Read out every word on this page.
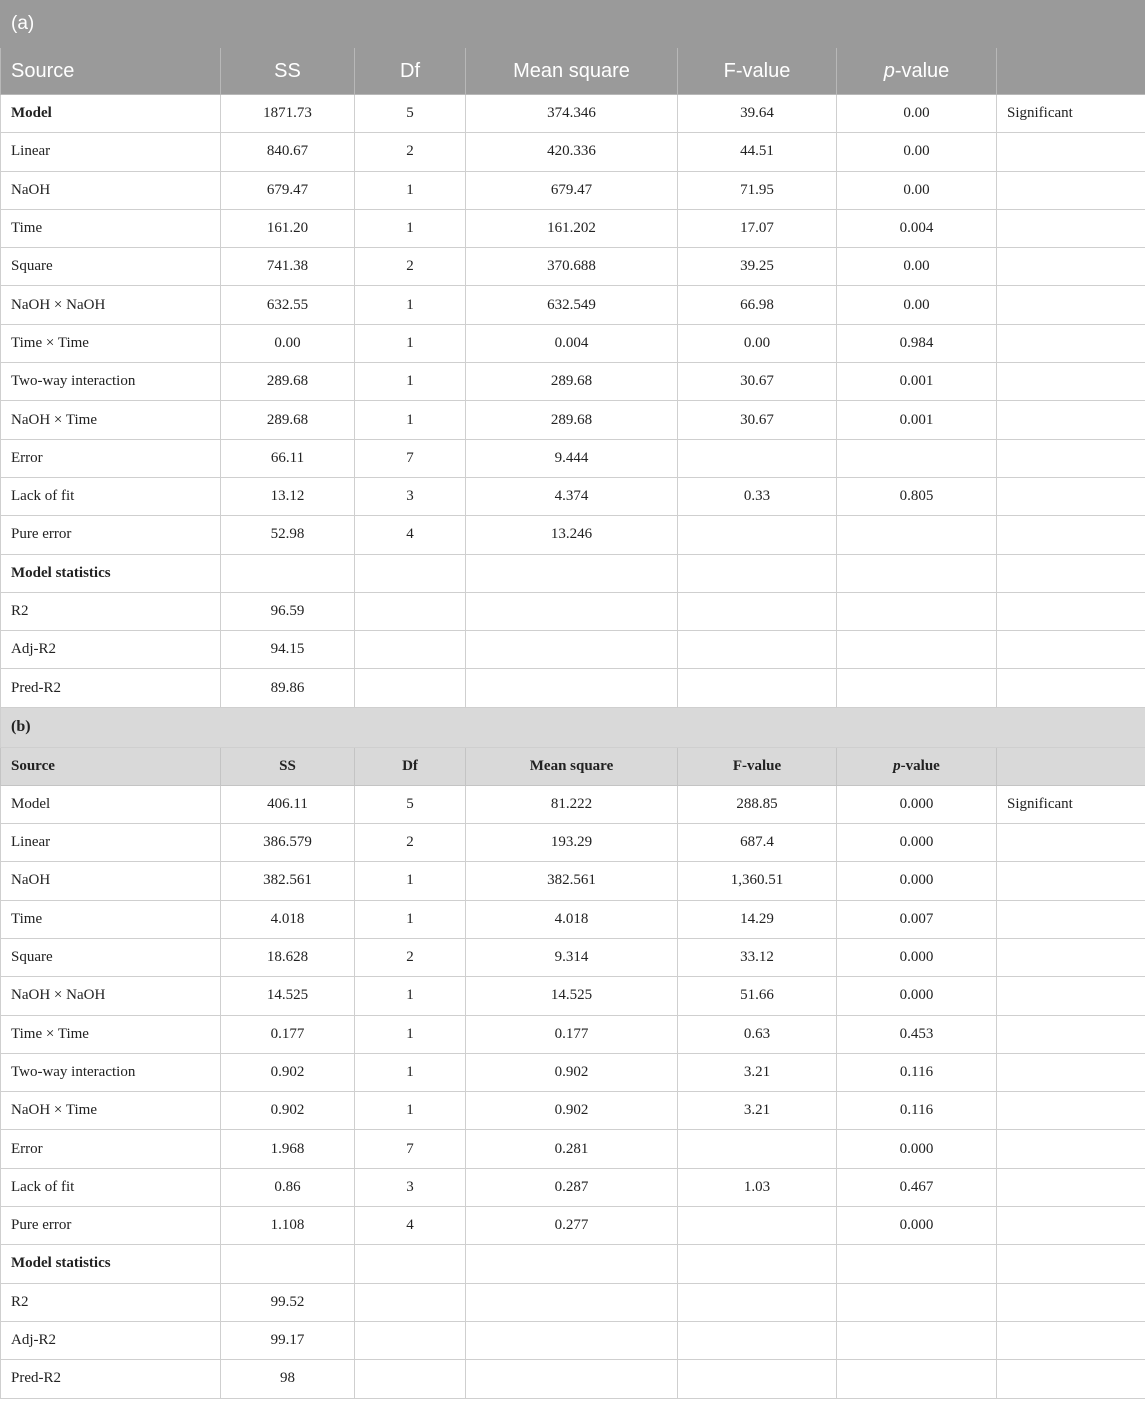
(a)						
Source	SS	Df	Mean square	F-value	p-value	
Model	1871.73	5	374.346	39.64	0.00	Significant
Linear	840.67	2	420.336	44.51	0.00	
NaOH	679.47	1	679.47	71.95	0.00	
Time	161.20	1	161.202	17.07	0.004	
Square	741.38	2	370.688	39.25	0.00	
NaOH × NaOH	632.55	1	632.549	66.98	0.00	
Time × Time	0.00	1	0.004	0.00	0.984	
Two-way interaction	289.68	1	289.68	30.67	0.001	
NaOH × Time	289.68	1	289.68	30.67	0.001	
Error	66.11	7	9.444			
Lack of fit	13.12	3	4.374	0.33	0.805	
Pure error	52.98	4	13.246			
Model statistics						
R2	96.59					
Adj-R2	94.15					
Pred-R2	89.86					
(b)						
Source	SS	Df	Mean square	F-value	p-value	
Model	406.11	5	81.222	288.85	0.000	Significant
Linear	386.579	2	193.29	687.4	0.000	
NaOH	382.561	1	382.561	1,360.51	0.000	
Time	4.018	1	4.018	14.29	0.007	
Square	18.628	2	9.314	33.12	0.000	
NaOH × NaOH	14.525	1	14.525	51.66	0.000	
Time × Time	0.177	1	0.177	0.63	0.453	
Two-way interaction	0.902	1	0.902	3.21	0.116	
NaOH × Time	0.902	1	0.902	3.21	0.116	
Error	1.968	7	0.281		0.000	
Lack of fit	0.86	3	0.287	1.03	0.467	
Pure error	1.108	4	0.277		0.000	
Model statistics						
R2	99.52					
Adj-R2	99.17					
Pred-R2	98					
